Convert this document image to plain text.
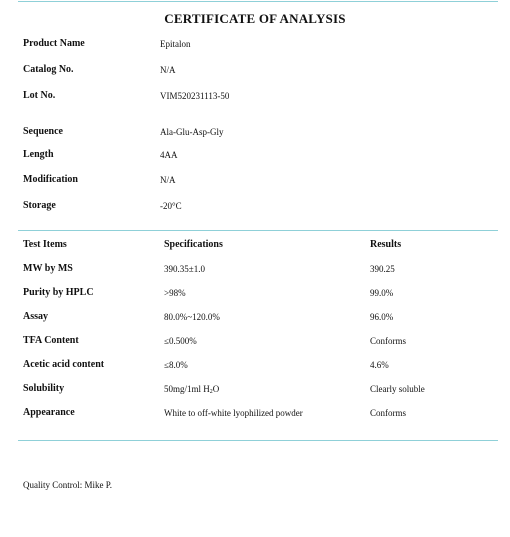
CERTIFICATE OF ANALYSIS
Product Name	Epitalon
Catalog No.	N/A
Lot No.	VIM520231113-50
Sequence	Ala-Glu-Asp-Gly
Length	4AA
Modification	N/A
Storage	-20°C
Test Items	Specifications	Results
MW by MS	390.35±1.0	390.25
Purity by HPLC	>98%	99.0%
Assay	80.0%~120.0%	96.0%
TFA Content	≤0.500%	Conforms
Acetic acid content	≤8.0%	4.6%
Solubility	50mg/1ml H2O	Clearly soluble
Appearance	White to off-white lyophilized powder	Conforms
Quality Control: Mike P.
